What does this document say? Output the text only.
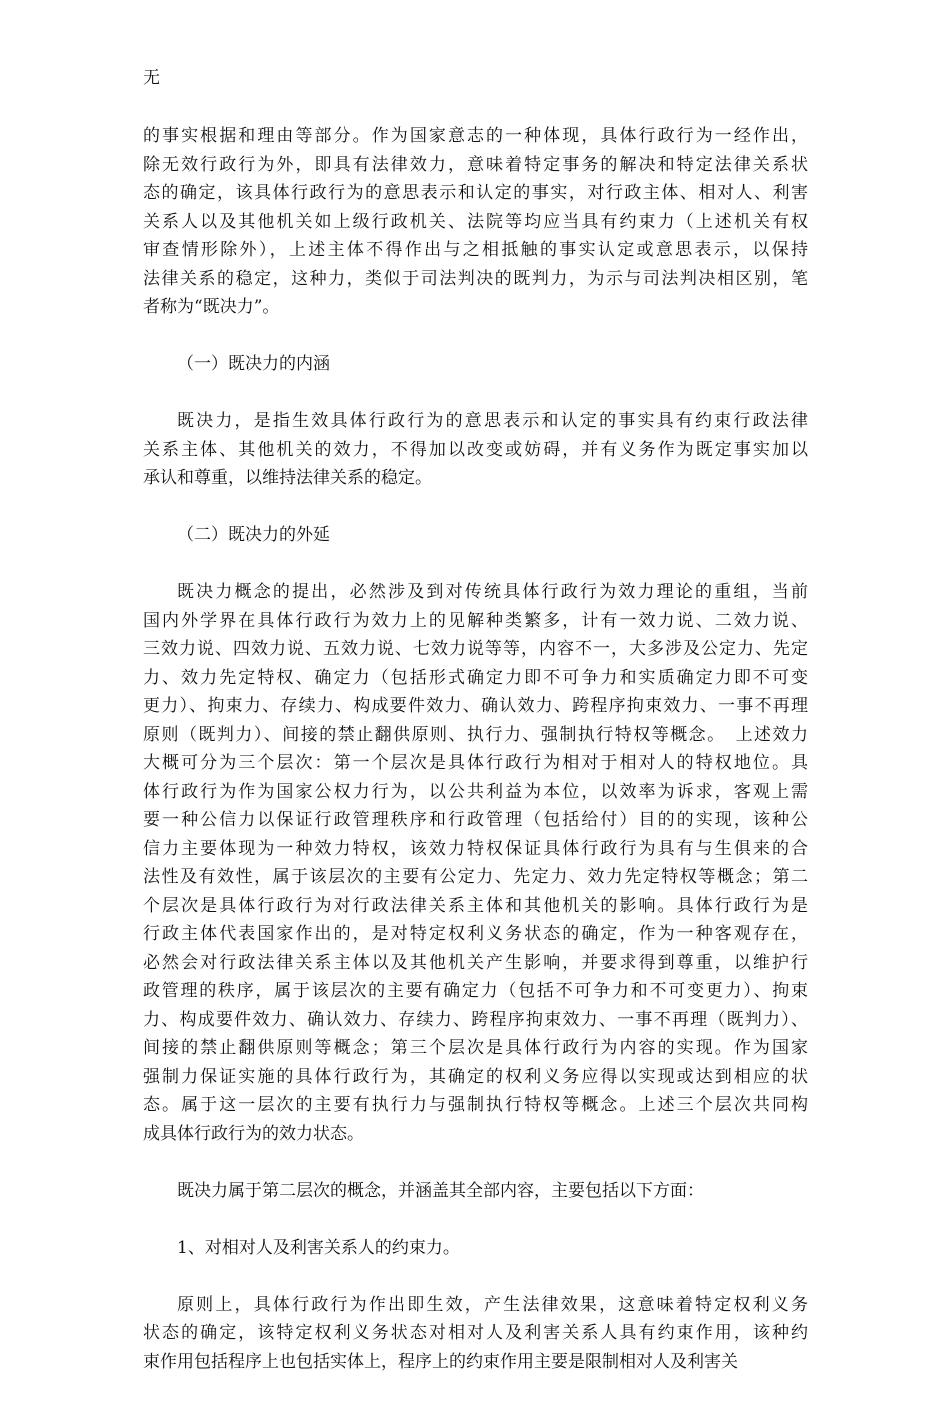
无

的事实根据和理由等部分。作为国家意志的一种体现，具体行政行为一经作出，
除无效行政行为外，即具有法律效力，意味着特定事务的解决和特定法律关系状
态的确定，该具体行政行为的意思表示和认定的事实，对行政主体、相对人、利害
关系人以及其他机关如上级行政机关、法院等均应当具有约束力（上述机关有权
审查情形除外），上述主体不得作出与之相抵触的事实认定或意思表示，以保持
法律关系的稳定，这种力，类似于司法判决的既判力，为示与司法判决相区别，笔
者称为“既决力”。

（一）既决力的内涵

既决力，是指生效具体行政行为的意思表示和认定的事实具有约束行政法律
关系主体、其他机关的效力，不得加以改变或妨碍，并有义务作为既定事实加以
承认和尊重，以维持法律关系的稳定。

（二）既决力的外延

既决力概念的提出，必然涉及到对传统具体行政行为效力理论的重组，当前
国内外学界在具体行政行为效力上的见解种类繁多，计有一效力说、二效力说、
三效力说、四效力说、五效力说、七效力说等等，内容不一，大多涉及公定力、先定
力、效力先定特权、确定力（包括形式确定力即不可争力和实质确定力即不可变
更力）、拘束力、存续力、构成要件效力、确认效力、跨程序拘束效力、一事不再理
原则（既判力）、间接的禁止翻供原则、执行力、强制执行特权等概念。　上述效力
大概可分为三个层次：第一个层次是具体行政行为相对于相对人的特权地位。具
体行政行为作为国家公权力行为，以公共利益为本位，以效率为诉求，客观上需
要一种公信力以保证行政管理秩序和行政管理（包括给付）目的的实现，该种公
信力主要体现为一种效力特权，该效力特权保证具体行政行为具有与生俱来的合
法性及有效性，属于该层次的主要有公定力、先定力、效力先定特权等概念；第二
个层次是具体行政行为对行政法律关系主体和其他机关的影响。具体行政行为是
行政主体代表国家作出的，是对特定权利义务状态的确定，作为一种客观存在，
必然会对行政法律关系主体以及其他机关产生影响，并要求得到尊重，以维护行
政管理的秩序，属于该层次的主要有确定力（包括不可争力和不可变更力）、拘束
力、构成要件效力、确认效力、存续力、跨程序拘束效力、一事不再理（既判力）、
间接的禁止翻供原则等概念；第三个层次是具体行政行为内容的实现。作为国家
强制力保证实施的具体行政行为，其确定的权利义务应得以实现或达到相应的状
态。属于这一层次的主要有执行力与强制执行特权等概念。上述三个层次共同构
成具体行政行为的效力状态。

既决力属于第二层次的概念，并涵盖其全部内容，主要包括以下方面：

1、对相对人及利害关系人的约束力。

原则上，具体行政行为作出即生效，产生法律效果，这意味着特定权利义务
状态的确定，该特定权利义务状态对相对人及利害关系人具有约束作用，该种约
束作用包括程序上也包括实体上，程序上的约束作用主要是限制相对人及利害关
